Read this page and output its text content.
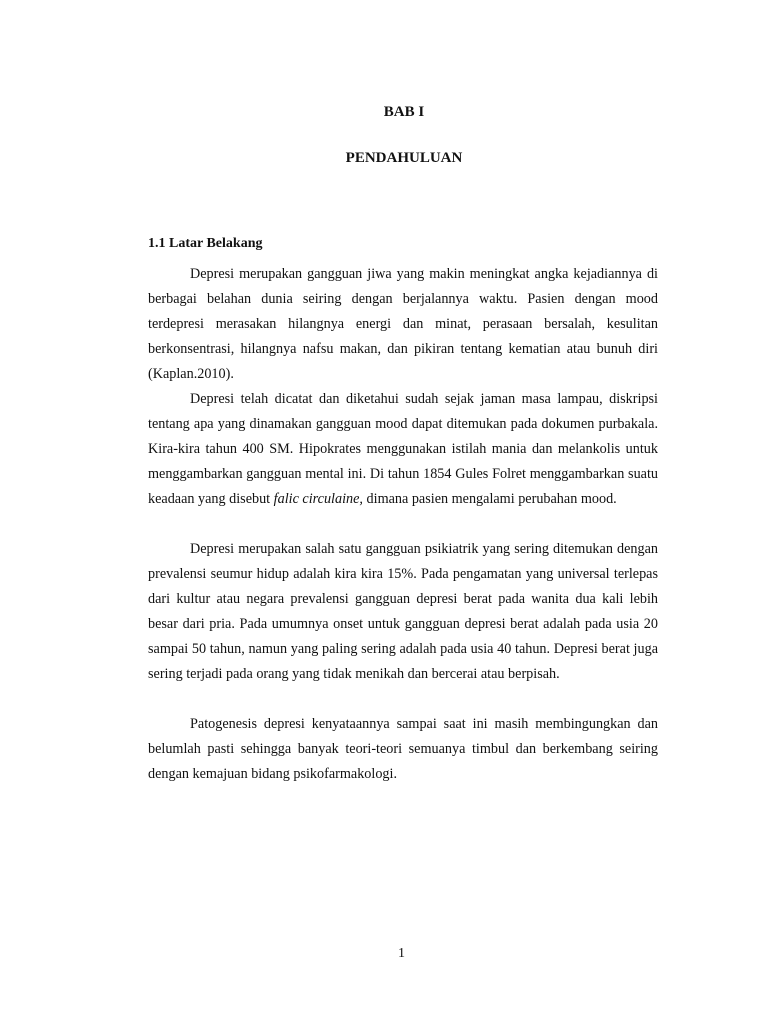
BAB I
PENDAHULUAN
1.1 Latar Belakang

Depresi merupakan gangguan jiwa yang makin meningkat angka kejadiannya di berbagai belahan dunia seiring dengan berjalannya waktu. Pasien dengan mood terdepresi merasakan hilangnya energi dan minat, perasaan bersalah, kesulitan berkonsentrasi, hilangnya nafsu makan, dan pikiran tentang kematian atau bunuh diri (Kaplan.2010).

Depresi telah dicatat dan diketahui sudah sejak jaman masa lampau, diskripsi tentang apa yang dinamakan gangguan mood dapat ditemukan pada dokumen purbakala. Kira-kira tahun 400 SM. Hipokrates menggunakan istilah mania dan melankolis untuk menggambarkan gangguan mental ini. Di tahun 1854 Gules Folret menggambarkan suatu keadaan yang disebut falic circulaine, dimana pasien mengalami perubahan mood.

Depresi merupakan salah satu gangguan psikiatrik yang sering ditemukan dengan prevalensi seumur hidup adalah kira kira 15%. Pada pengamatan yang universal terlepas dari kultur atau negara prevalensi gangguan depresi berat pada wanita dua kali lebih besar dari pria. Pada umumnya onset untuk gangguan depresi berat adalah pada usia 20 sampai 50 tahun, namun yang paling sering adalah pada usia 40 tahun. Depresi berat juga sering terjadi pada orang yang tidak menikah dan bercerai atau berpisah.

Patogenesis depresi kenyataannya sampai saat ini masih membingungkan dan belumlah pasti sehingga banyak teori-teori semuanya timbul dan berkembang seiring dengan kemajuan bidang psikofarmakologi.

1
